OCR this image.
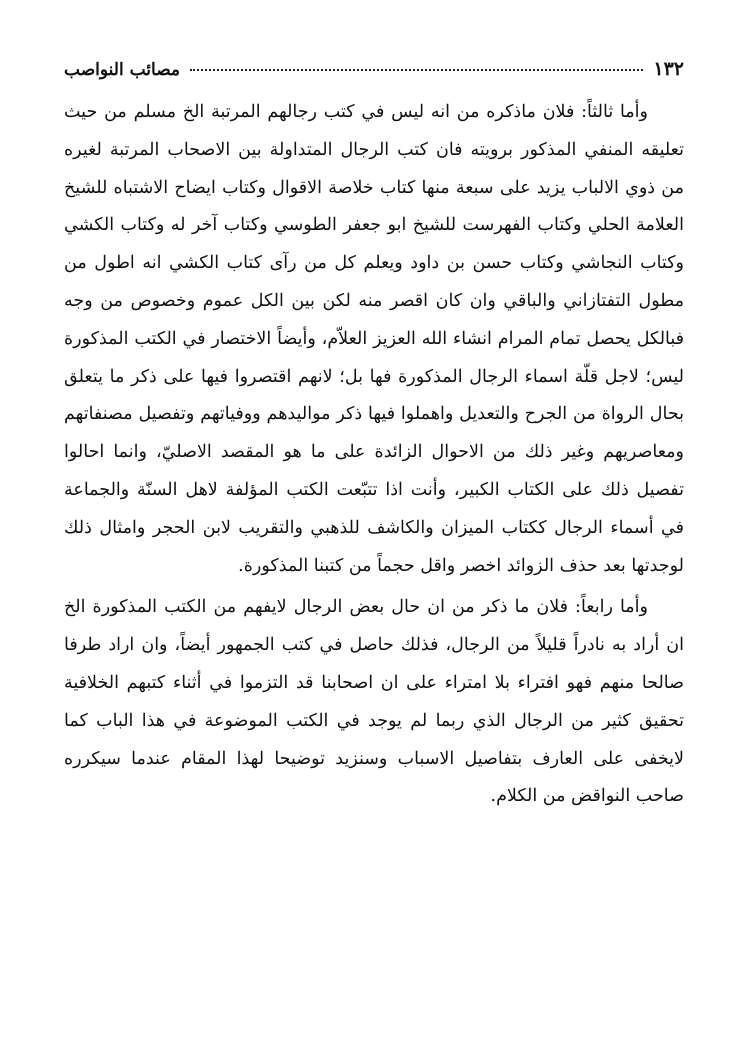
١٣٢
مصائب النواصب

وأما ثالثاً: فلان ماذكره من انه ليس في كتب رجالهم المرتبة الخ مسلم من حيث تعليقه المنفي المذكور برويته فان كتب الرجال المتداولة بين الاصحاب المرتبة لغيره من ذوي الالباب يزيد على سبعة منها كتاب خلاصة الاقوال وكتاب ايضاح الاشتباه للشيخ العلامة الحلي وكتاب الفهرست للشيخ ابو جعفر الطوسي وكتاب آخر له وكتاب الكشي وكتاب النجاشي وكتاب حسن بن داود ويعلم كل من رآى كتاب الكشي انه اطول من مطول التفتازاني والباقي وان كان اقصر منه لكن بين الكل عموم وخصوص من وجه فبالكل يحصل تمام المرام انشاء الله العزيز العلاّم، وأيضاً الاختصار في الكتب المذكورة ليس؛ لاجل قلّة اسماء الرجال المذكورة فها بل؛ لانهم اقتصروا فيها على ذكر ما يتعلق بحال الرواة من الجرح والتعديل واهملوا فيها ذكر مواليدهم ووفياتهم وتفصيل مصنفاتهم ومعاصريهم وغير ذلك من الاحوال الزائدة على ما هو المقصد الاصليّ، وانما احالوا تفصيل ذلك على الكتاب الكبير، وأنت اذا تتبّعت الكتب المؤلفة لاهل السنّة والجماعة في أسماء الرجال ككتاب الميزان والكاشف للذهبي والتقريب لابن الحجر وامثال ذلك لوجدتها بعد حذف الزوائد اخصر واقل حجماً من كتبنا المذكورة.

وأما رابعاً: فلان ما ذكر من ان حال بعض الرجال لايفهم من الكتب المذكورة الخ ان أراد به نادراً قليلاً من الرجال، فذلك حاصل في كتب الجمهور أيضاً، وان اراد طرفا صالحا منهم فهو افتراء بلا امتراء على ان اصحابنا قد التزموا في أثناء كتبهم الخلافية تحقيق كثير من الرجال الذي ربما لم يوجد في الكتب الموضوعة في هذا الباب كما لايخفى على العارف بتفاصيل الاسباب وسنزيد توضيحا لهذا المقام عندما سيكرره صاحب النواقض من الكلام.
